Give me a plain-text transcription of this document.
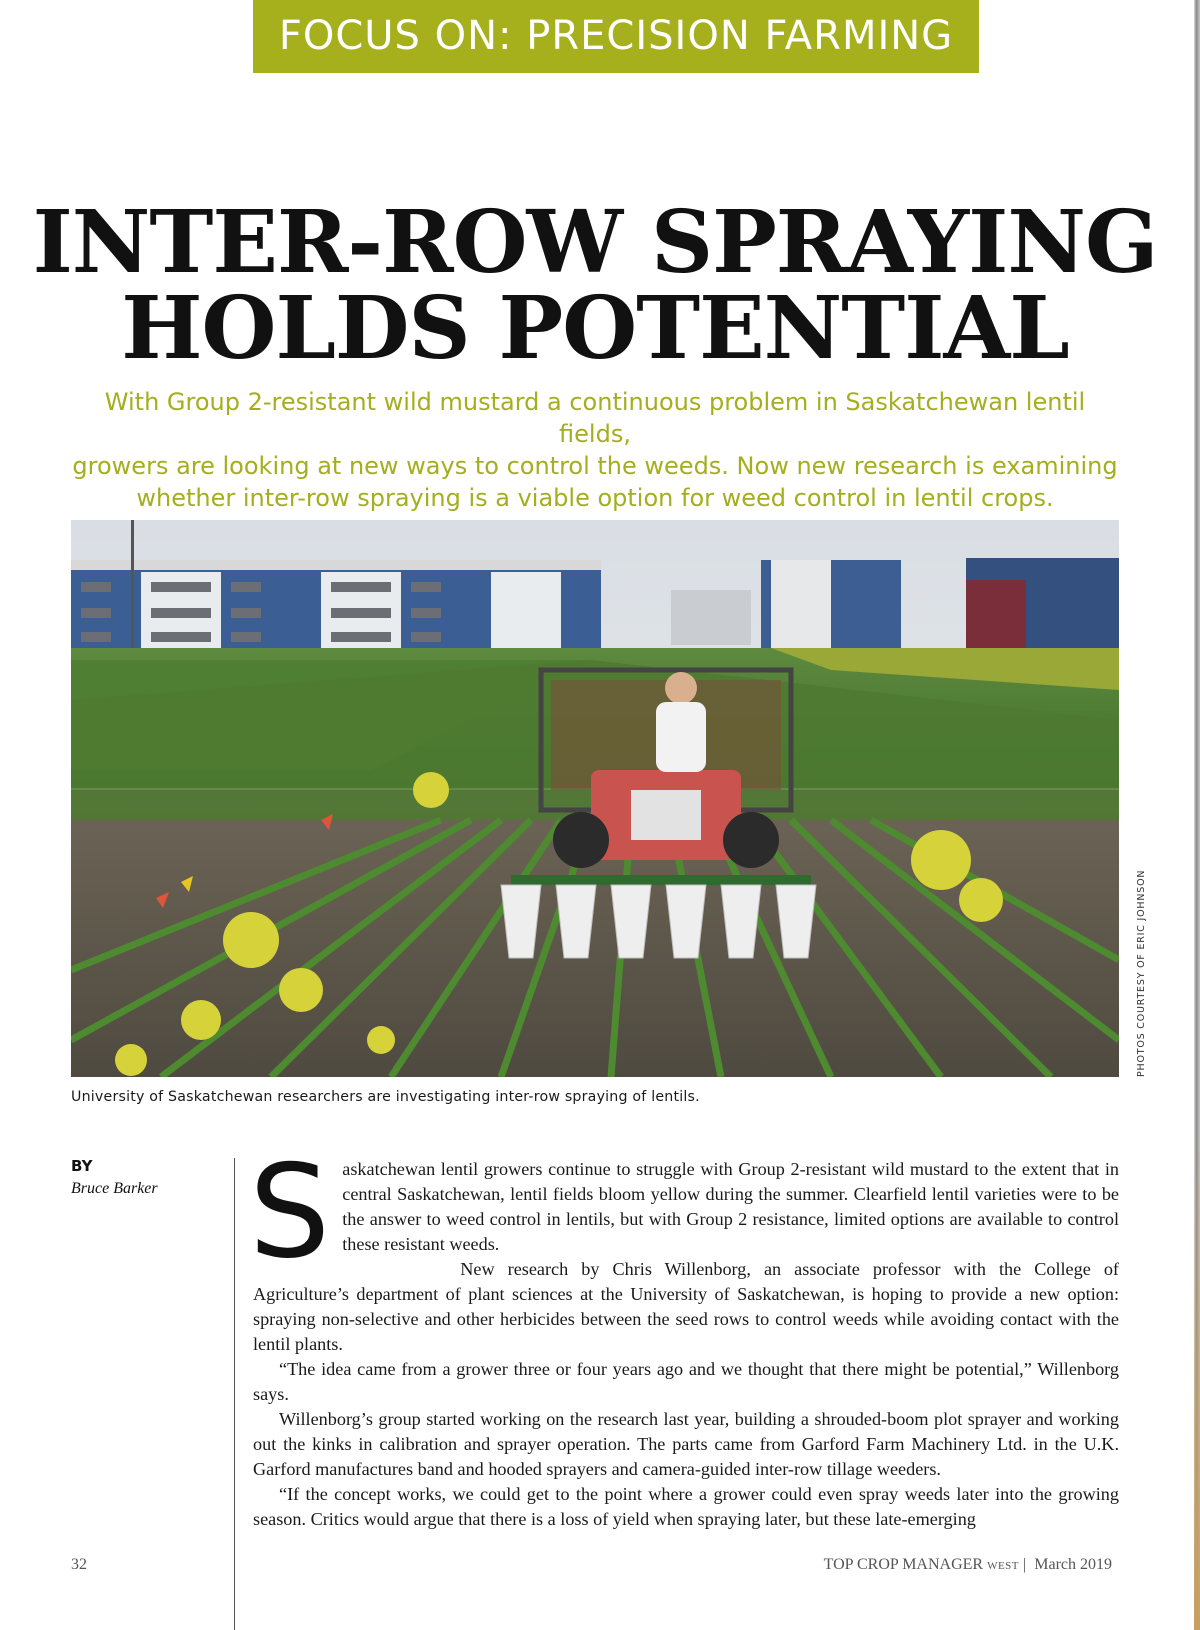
FOCUS ON: PRECISION FARMING
INTER-ROW SPRAYING
HOLDS POTENTIAL
With Group 2-resistant wild mustard a continuous problem in Saskatchewan lentil fields,
growers are looking at new ways to control the weeds. Now new research is examining
whether inter-row spraying is a viable option for weed control in lentil crops.
PHOTOS COURTESY OF ERIC JOHNSON
University of Saskatchewan researchers are investigating inter-row spraying of lentils.
BY
Bruce Barker S askatchewan lentil growers continue to struggle with Group 2-resistant wild mustard to the extent that in central Saskatchewan, lentil fields bloom yellow during the summer. Clearfield lentil varieties were to be the answer to weed control in lentils, but with Group 2 resistance, limited options are available to control these resistant weeds.

New research by Chris Willenborg, an associate professor with the College of Agriculture’s department of plant sciences at the University of Saskatchewan, is hoping to provide a new option: spraying non-selective and other herbicides between the seed rows to control weeds while avoiding contact with the lentil plants.

“The idea came from a grower three or four years ago and we thought that there might be potential,” Willenborg says.

Willenborg’s group started working on the research last year, building a shrouded-boom plot sprayer and working out the kinks in calibration and sprayer operation. The parts came from Garford Farm Machinery Ltd. in the U.K. Garford manufactures band and hooded sprayers and camera-guided inter-row tillage weeders.

“If the concept works, we could get to the point where a grower could even spray weeds later into the growing season. Critics would argue that there is a loss of yield when spraying later, but these late-emerging

32	TOP CROP MANAGER WEST | March 2019
